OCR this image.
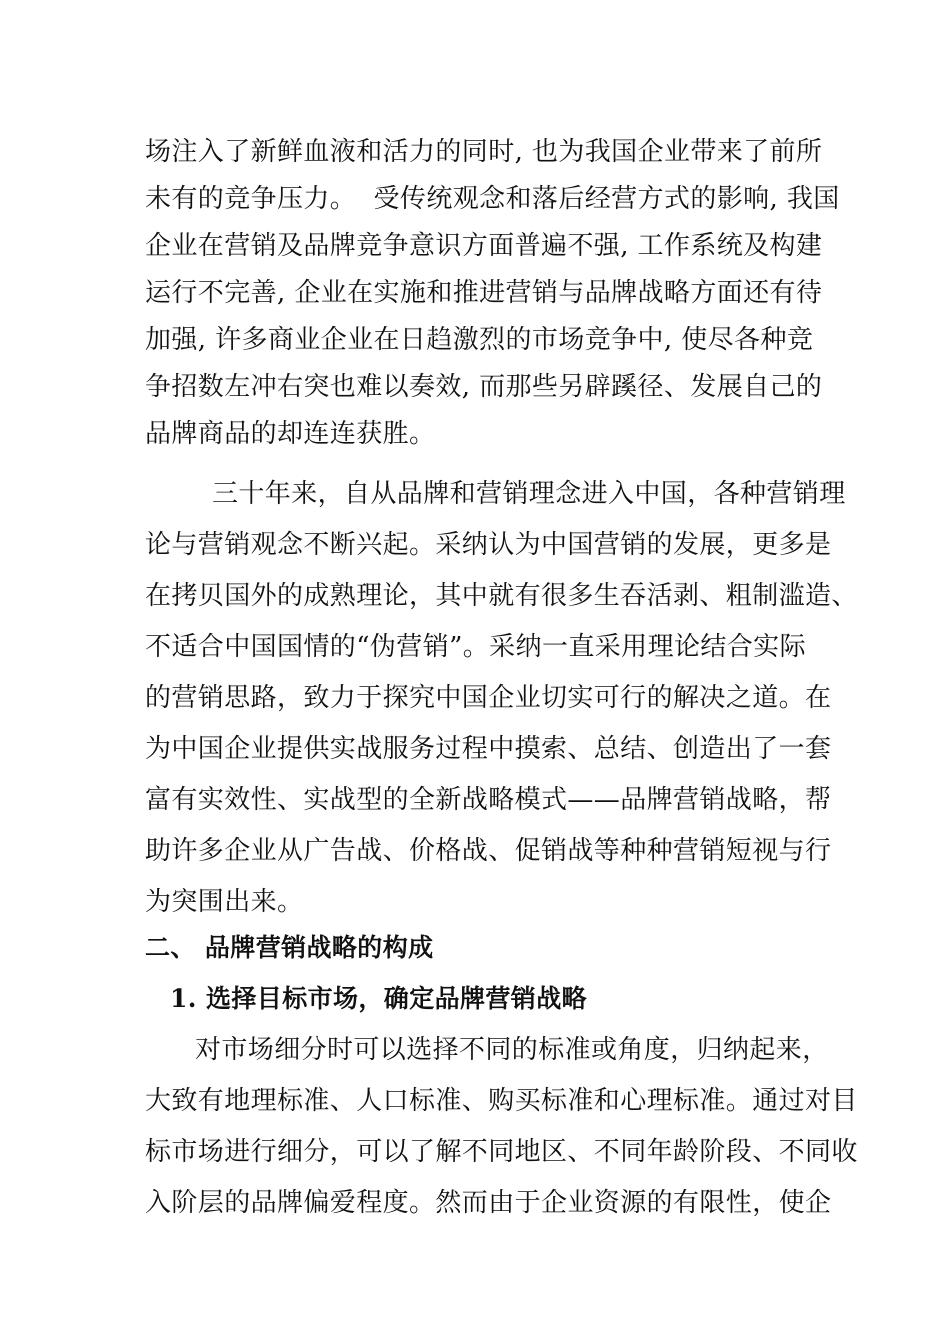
场注入了新鲜血液和活力的同时, 也为我国企业带来了前所
未有的竞争压力。  受传统观念和落后经营方式的影响, 我国
企业在营销及品牌竞争意识方面普遍不强, 工作系统及构建
运行不完善, 企业在实施和推进营销与品牌战略方面还有待
加强, 许多商业企业在日趋激烈的市场竞争中, 使尽各种竞
争招数左冲右突也难以奏效, 而那些另辟蹊径、发展自己的
品牌商品的却连连获胜。
三十年来，自从品牌和营销理念进入中国，各种营销理
论与营销观念不断兴起。采纳认为中国营销的发展，更多是
在拷贝国外的成熟理论，其中就有很多生吞活剥、粗制滥造、
不适合中国国情的“伪营销”。采纳一直采用理论结合实际
的营销思路，致力于探究中国企业切实可行的解决之道。在
为中国企业提供实战服务过程中摸索、总结、创造出了一套
富有实效性、实战型的全新战略模式——品牌营销战略，帮
助许多企业从广告战、价格战、促销战等种种营销短视与行
为突围出来。
二、 品牌营销战略的构成
1. 选择目标市场，确定品牌营销战略
对市场细分时可以选择不同的标准或角度，归纳起来，
大致有地理标准、人口标准、购买标准和心理标准。通过对目
标市场进行细分，可以了解不同地区、不同年龄阶段、不同收
入阶层的品牌偏爱程度。然而由于企业资源的有限性，使企
